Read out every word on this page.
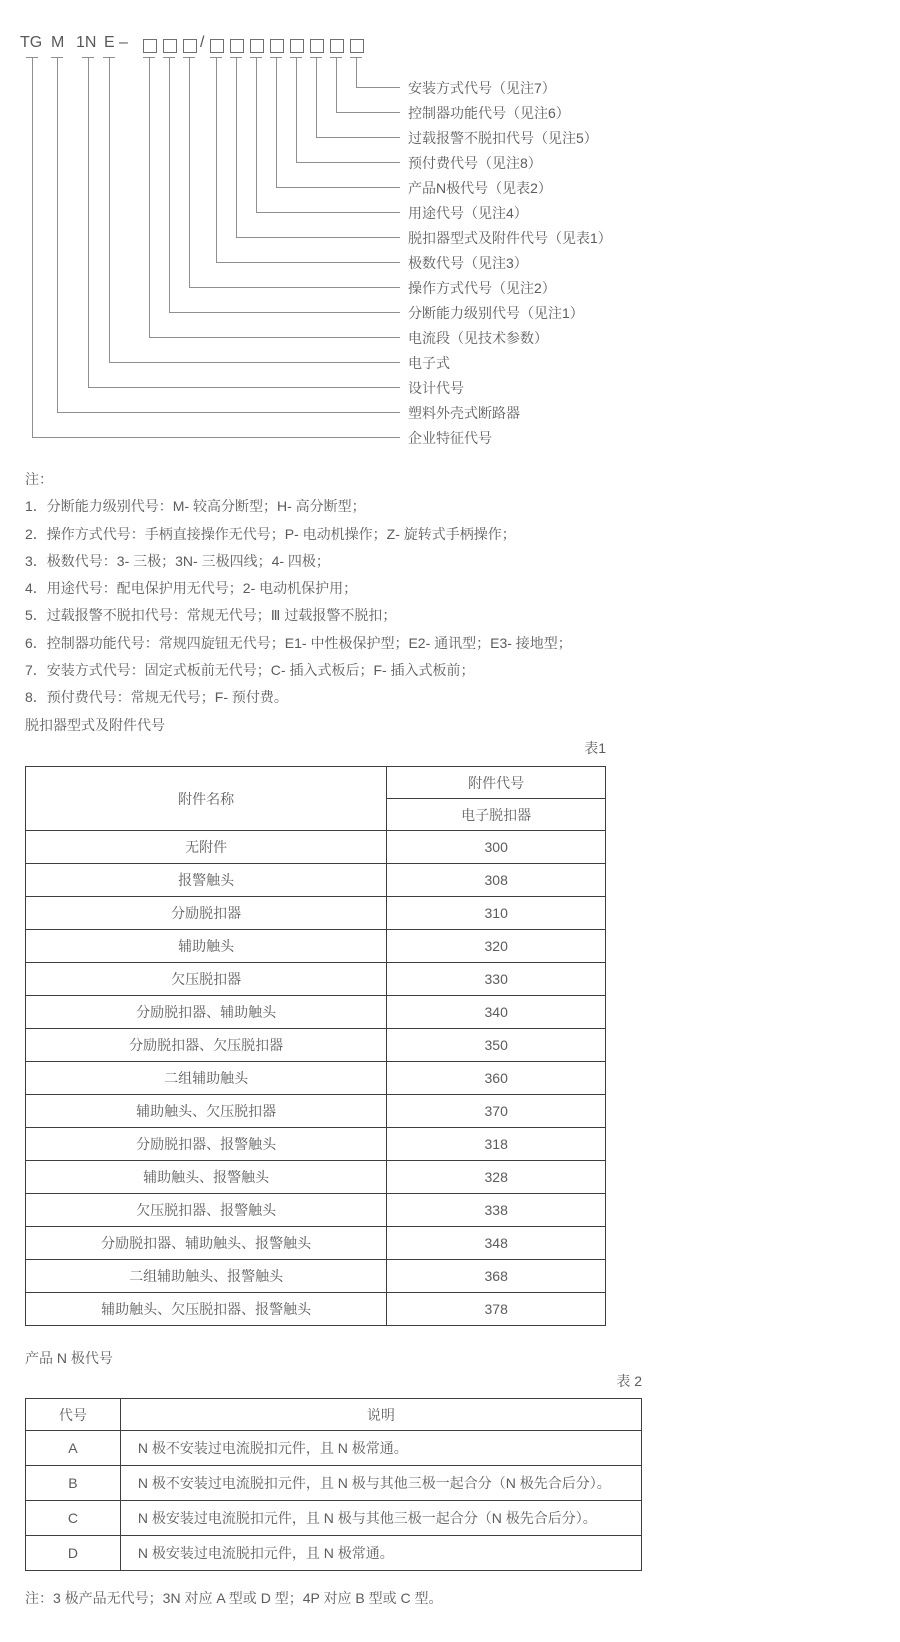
TG M 1N E –	/
企业特征代号
塑料外壳式断路器
设计代号
电子式
电流段（见技术参数）
分断能力级别代号（见注1）
操作方式代号（见注2）
极数代号（见注3）
脱扣器型式及附件代号（见表1）
用途代号（见注4）
产品N极代号（见表2）
预付费代号（见注8）
过载报警不脱扣代号（见注5）
控制器功能代号（见注6）
安装方式代号（见注7）
注：
1．分断能力级别代号：M- 较高分断型；H- 高分断型；
2．操作方式代号：手柄直接操作无代号；P- 电动机操作；Z- 旋转式手柄操作；
3．极数代号：3- 三极；3N- 三极四线；4- 四极；
4．用途代号：配电保护用无代号；2- 电动机保护用；
5．过载报警不脱扣代号：常规无代号；Ⅲ 过载报警不脱扣；
6．控制器功能代号：常规四旋钮无代号；E1- 中性极保护型；E2- 通讯型；E3- 接地型；
7．安装方式代号：固定式板前无代号；C- 插入式板后；F- 插入式板前；
8．预付费代号：常规无代号；F- 预付费。
脱扣器型式及附件代号
表1
附件名称	附件代号
	电子脱扣器
无附件	300
报警触头	308
分励脱扣器	310
辅助触头	320
欠压脱扣器	330
分励脱扣器、辅助触头	340
分励脱扣器、欠压脱扣器	350
二组辅助触头	360
辅助触头、欠压脱扣器	370
分励脱扣器、报警触头	318
辅助触头、报警触头	328
欠压脱扣器、报警触头	338
分励脱扣器、辅助触头、报警触头	348
二组辅助触头、报警触头	368
辅助触头、欠压脱扣器、报警触头	378
产品 N 极代号
表 2
代号	说明
A	N 极不安装过电流脱扣元件，且 N 极常通。
B	N 极不安装过电流脱扣元件，且 N 极与其他三极一起合分（N 极先合后分）。
C	N 极安装过电流脱扣元件，且 N 极与其他三极一起合分（N 极先合后分）。
D	N 极安装过电流脱扣元件，且 N 极常通。
注：3 极产品无代号；3N 对应 A 型或 D 型；4P 对应 B 型或 C 型。
